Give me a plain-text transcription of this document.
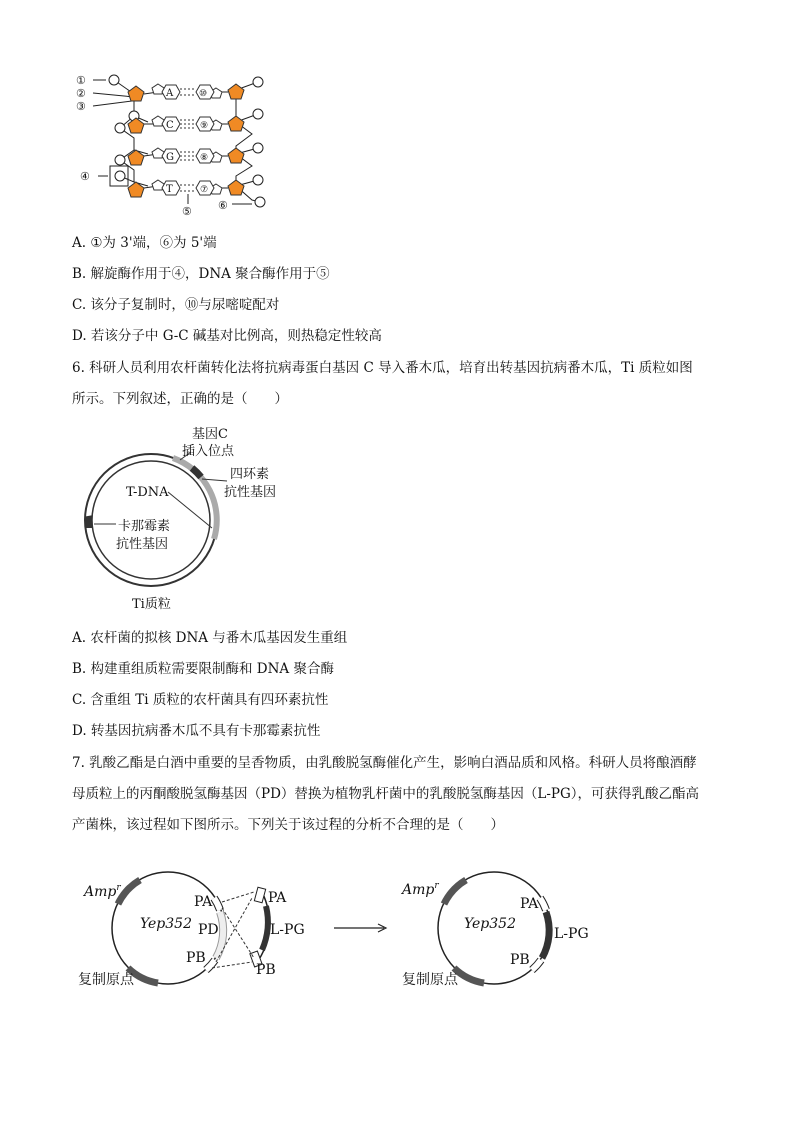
①
②
③
④
⑤ ⑥
A
C
G
T
⑩
⑨
⑧
⑦
A. ①为 3'端，⑥为 5'端
B. 解旋酶作用于④，DNA 聚合酶作用于⑤
C. 该分子复制时，⑩与尿嘧啶配对
D. 若该分子中 G-C 碱基对比例高，则热稳定性较高
6. 科研人员利用农杆菌转化法将抗病毒蛋白基因 C 导入番木瓜，培育出转基因抗病番木瓜，Ti 质粒如图
所示。下列叙述，正确的是（　　）
基因C
插入位点
四环素
抗性基因
T-DNA
卡那霉素
抗性基因
Ti质粒
A. 农杆菌的拟核 DNA 与番木瓜基因发生重组
B. 构建重组质粒需要限制酶和 DNA 聚合酶
C. 含重组 Ti 质粒的农杆菌具有四环素抗性
D. 转基因抗病番木瓜不具有卡那霉素抗性
7. 乳酸乙酯是白酒中重要的呈香物质，由乳酸脱氢酶催化产生，影响白酒品质和风格。科研人员将酿酒酵
母质粒上的丙酮酸脱氢酶基因（PD）替换为植物乳杆菌中的乳酸脱氢酶基因（L-PG），可获得乳酸乙酯高
产菌株，该过程如下图所示。下列关于该过程的分析不合理的是（　　）
Amp$^r$
Yep352
PA
PD
PB
PA
L-PG
PB
复制原点
Amp$^r$
Yep352
PA
L-PG
PB
复制原点
